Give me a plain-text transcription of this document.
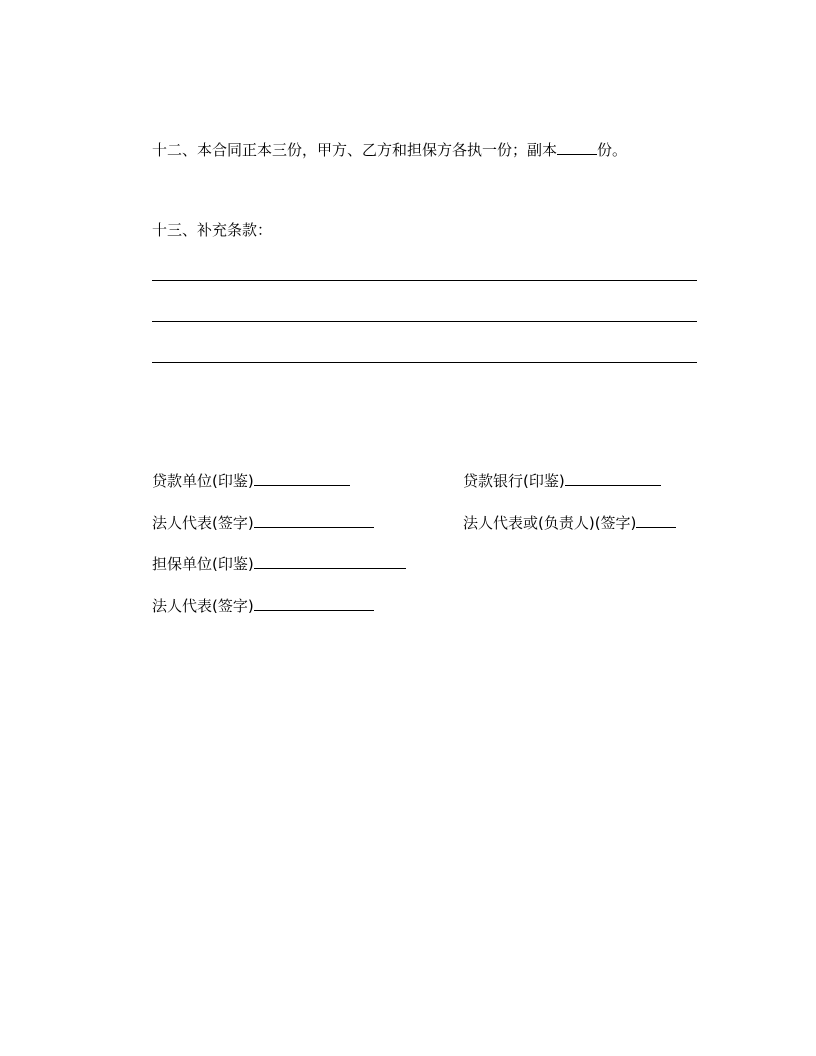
十二、本合同正本三份，甲方、乙方和担保方各执一份；副本	份。
十三、补充条款：
贷款单位(印鉴)
法人代表(签字)
担保单位(印鉴)
法人代表(签字)
贷款银行(印鉴)
法人代表或(负责人)(签字)
